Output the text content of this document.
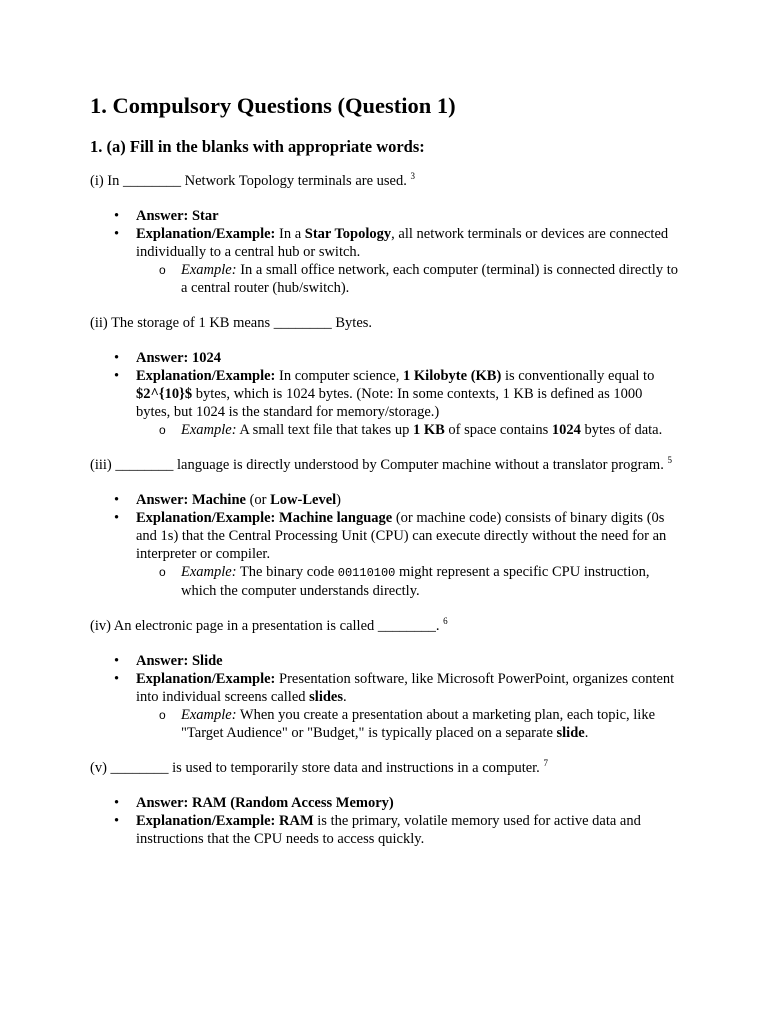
1. Compulsory Questions (Question 1)
1. (a) Fill in the blanks with appropriate words:

(i) In ________ Network Topology terminals are used. $^3$

• Answer: Star
• Explanation/Example: In a Star Topology, all network terminals or devices are connected individually to a central hub or switch.
o Example: In a small office network, each computer (terminal) is connected directly to a central router (hub/switch).

(ii) The storage of 1 KB means ________ Bytes.

• Answer: 1024
• Explanation/Example: In computer science, 1 Kilobyte (KB) is conventionally equal to $2^{10}$ bytes, which is 1024 bytes. (Note: In some contexts, 1 KB is defined as 1000 bytes, but 1024 is the standard for memory/storage.)
o Example: A small text file that takes up 1 KB of space contains 1024 bytes of data.

(iii) ________ language is directly understood by Computer machine without a translator program. $^5$

• Answer: Machine (or Low-Level)
• Explanation/Example: Machine language (or machine code) consists of binary digits (0s and 1s) that the Central Processing Unit (CPU) can execute directly without the need for an interpreter or compiler.
o Example: The binary code 00110100 might represent a specific CPU instruction, which the computer understands directly.

(iv) An electronic page in a presentation is called ________. $^6$

• Answer: Slide
• Explanation/Example: Presentation software, like Microsoft PowerPoint, organizes content into individual screens called slides.
o Example: When you create a presentation about a marketing plan, each topic, like "Target Audience" or "Budget," is typically placed on a separate slide.

(v) ________ is used to temporarily store data and instructions in a computer. $^7$

• Answer: RAM (Random Access Memory)
• Explanation/Example: RAM is the primary, volatile memory used for active data and instructions that the CPU needs to access quickly.
